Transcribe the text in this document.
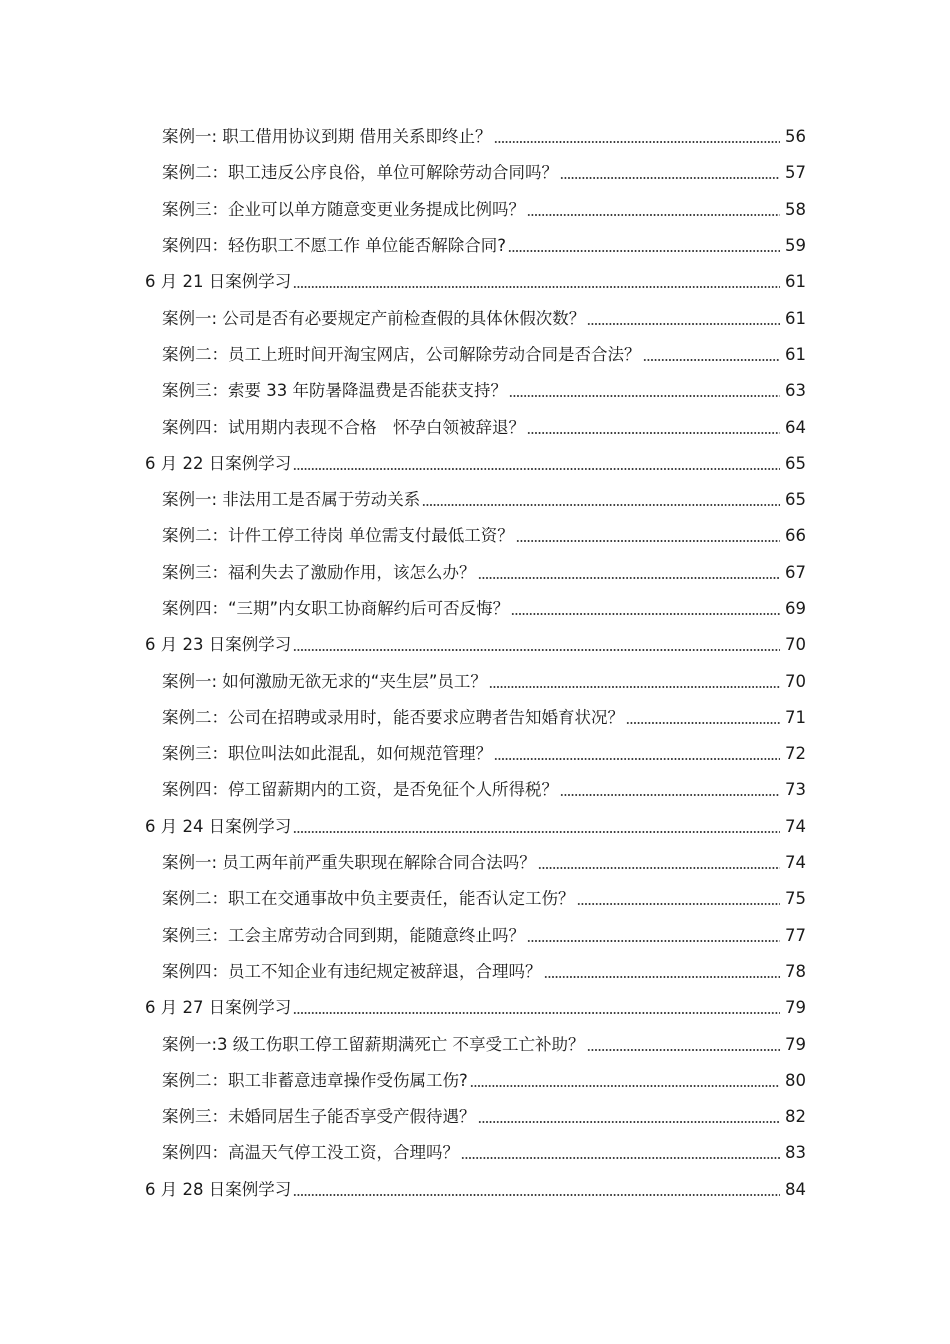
案例一: 职工借用协议到期 借用关系即终止？	56
案例二：职工违反公序良俗，单位可解除劳动合同吗？	57
案例三：企业可以单方随意变更业务提成比例吗？	58
案例四：轻伤职工不愿工作 单位能否解除合同?	59
6 月 21 日案例学习	61
案例一: 公司是否有必要规定产前检查假的具体休假次数？	61
案例二：员工上班时间开淘宝网店，公司解除劳动合同是否合法？	61
案例三：索要 33 年防暑降温费是否能获支持？	63
案例四：试用期内表现不合格　怀孕白领被辞退？	64
6 月 22 日案例学习	65
案例一: 非法用工是否属于劳动关系	65
案例二：计件工停工待岗 单位需支付最低工资？	66
案例三：福利失去了激励作用，该怎么办？	67
案例四：“三期”内女职工协商解约后可否反悔？	69
6 月 23 日案例学习	70
案例一: 如何激励无欲无求的“夹生层”员工？	70
案例二：公司在招聘或录用时，能否要求应聘者告知婚育状况？	71
案例三：职位叫法如此混乱，如何规范管理？	72
案例四：停工留薪期内的工资，是否免征个人所得税？	73
6 月 24 日案例学习	74
案例一: 员工两年前严重失职现在解除合同合法吗？	74
案例二：职工在交通事故中负主要责任，能否认定工伤？	75
案例三：工会主席劳动合同到期，能随意终止吗？	77
案例四：员工不知企业有违纪规定被辞退，合理吗？	78
6 月 27 日案例学习	79
案例一:3 级工伤职工停工留薪期满死亡 不享受工亡补助？	79
案例二：职工非蓄意违章操作受伤属工伤?	80
案例三：未婚同居生子能否享受产假待遇？	82
案例四：高温天气停工没工资，合理吗？	83
6 月 28 日案例学习	84
